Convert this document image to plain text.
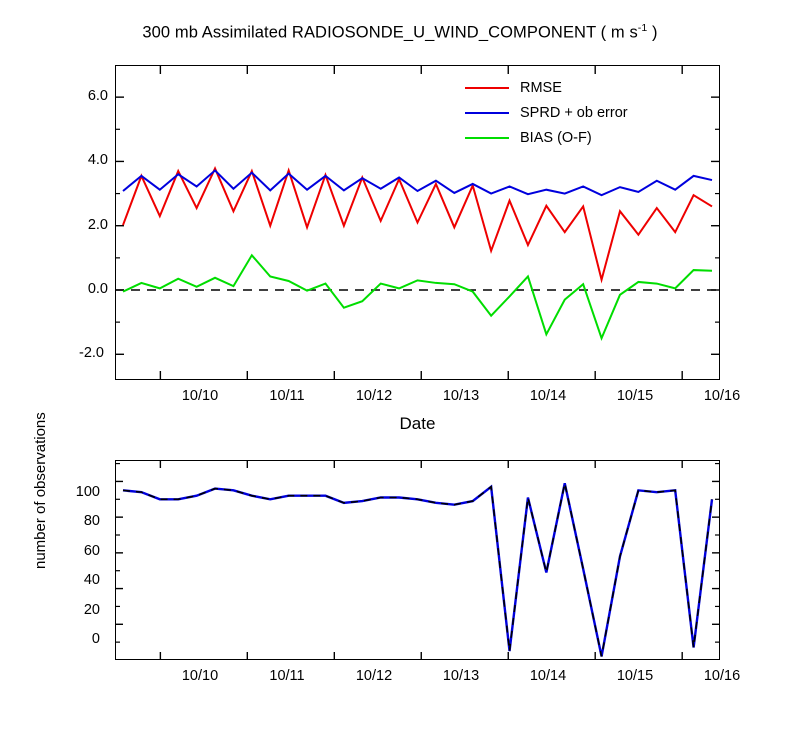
300 mb Assimilated RADIOSONDE_U_WIND_COMPONENT ( m $s^{-1}$ )
6.0
4.0
2.0
0.0
-2.0
10/10	10/11	10/12	10/13	10/14	10/15	10/16
Date
RMSE
SPRD + ob error
BIAS (O-F)
100
80
60
40
20
0
10/10	10/11	10/12	10/13	10/14	10/15	10/16
number of observations
